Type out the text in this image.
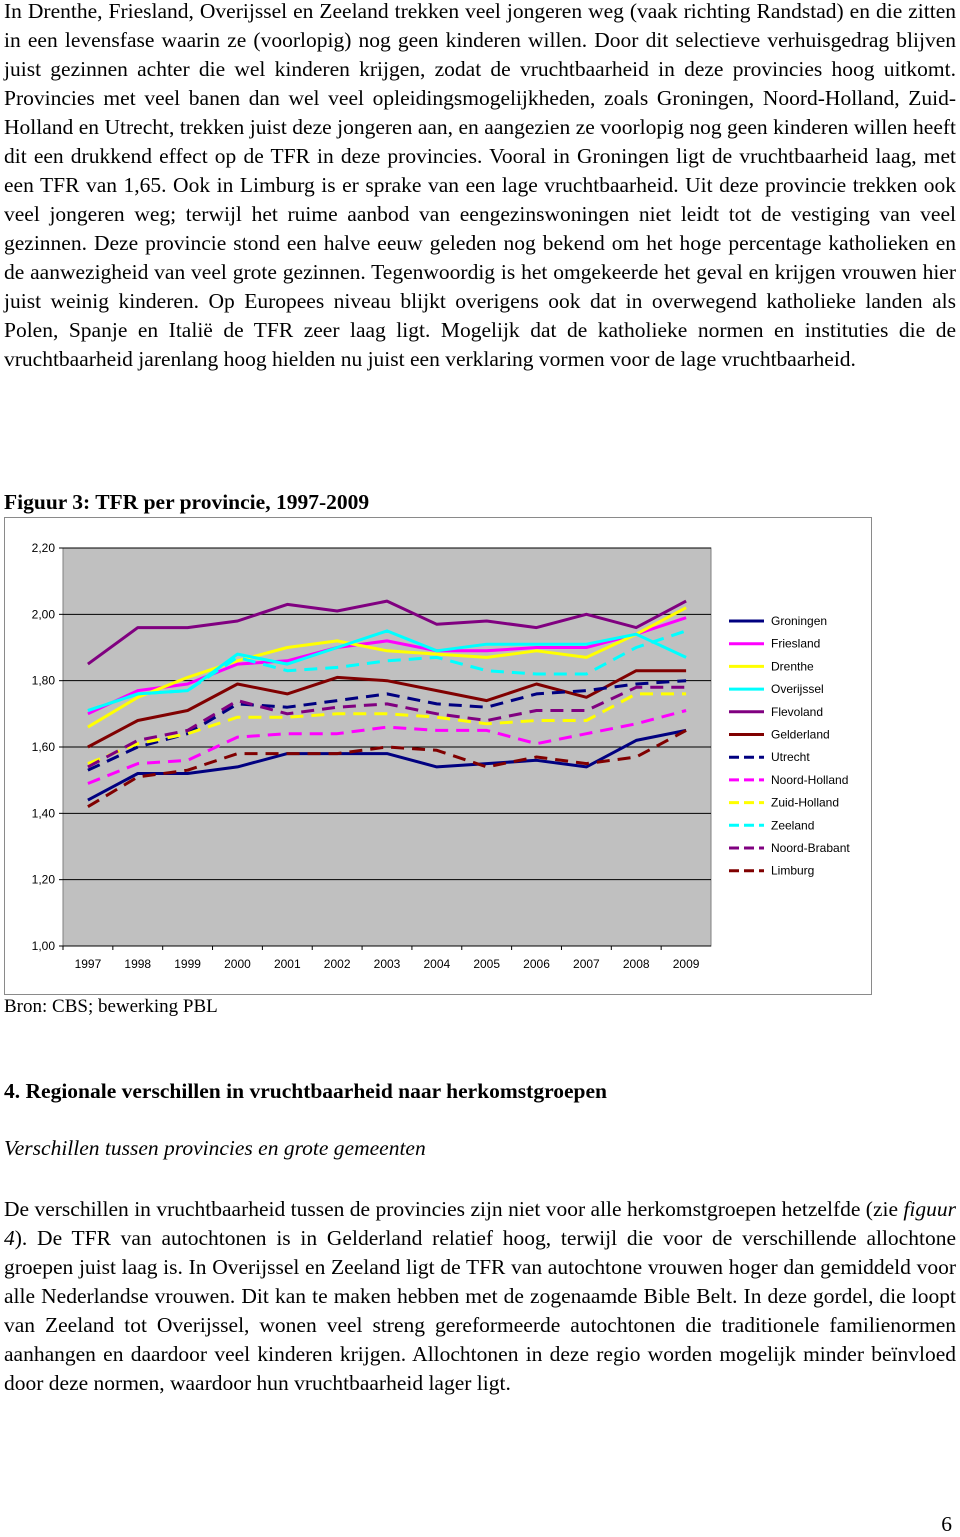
In Drenthe, Friesland, Overijssel en Zeeland trekken veel jongeren weg (vaak richting Randstad) en die zitten in een levensfase waarin ze (voorlopig) nog geen kinderen willen. Door dit selectieve verhuisgedrag blijven juist gezinnen achter die wel kinderen krijgen, zodat de vruchtbaarheid in deze provincies hoog uitkomt. Provincies met veel banen dan wel veel opleidingsmogelijkheden, zoals Groningen, Noord-Holland, Zuid-Holland en Utrecht, trekken juist deze jongeren aan, en aangezien ze voorlopig nog geen kinderen willen heeft dit een drukkend effect op de TFR in deze provincies. Vooral in Groningen ligt de vruchtbaarheid laag, met een TFR van 1,65. Ook in Limburg is er sprake van een lage vruchtbaarheid. Uit deze provincie trekken ook veel jongeren weg; terwijl het ruime aanbod van eengezinswoningen niet leidt tot de vestiging van veel gezinnen. Deze provincie stond een halve eeuw geleden nog bekend om het hoge percentage katholieken en de aanwezigheid van veel grote gezinnen. Tegenwoordig is het omgekeerde het geval en krijgen vrouwen hier juist weinig kinderen. Op Europees niveau blijkt overigens ook dat in overwegend katholieke landen als Polen, Spanje en Italië de TFR zeer laag ligt. Mogelijk dat de katholieke normen en instituties die de vruchtbaarheid jarenlang hoog hielden nu juist een verklaring vormen voor de lage vruchtbaarheid.

Figuur 3: TFR per provincie, 1997-2009

1,00
1,20
1,40
1,60
1,80
2,00
2,20
1997 1998 1999 2000 2001 2002 2003 2004 2005 2006 2007 2008 2009
Groningen
Friesland
Drenthe
Overijssel
Flevoland
Gelderland
Utrecht
Noord-Holland
Zuid-Holland
Zeeland
Noord-Brabant
Limburg

Bron: CBS; bewerking PBL

4. Regionale verschillen in vruchtbaarheid naar herkomstgroepen

Verschillen tussen provincies en grote gemeenten

De verschillen in vruchtbaarheid tussen de provincies zijn niet voor alle herkomstgroepen hetzelfde (zie figuur 4). De TFR van autochtonen is in Gelderland relatief hoog, terwijl die voor de verschillende allochtone groepen juist laag is. In Overijssel en Zeeland ligt de TFR van autochtone vrouwen hoger dan gemiddeld voor alle Nederlandse vrouwen. Dit kan te maken hebben met de zogenaamde Bible Belt. In deze gordel, die loopt van Zeeland tot Overijssel, wonen veel streng gereformeerde autochtonen die traditionele familienormen aanhangen en daardoor veel kinderen krijgen. Allochtonen in deze regio worden mogelijk minder beïnvloed door deze normen, waardoor hun vruchtbaarheid lager ligt.

6
